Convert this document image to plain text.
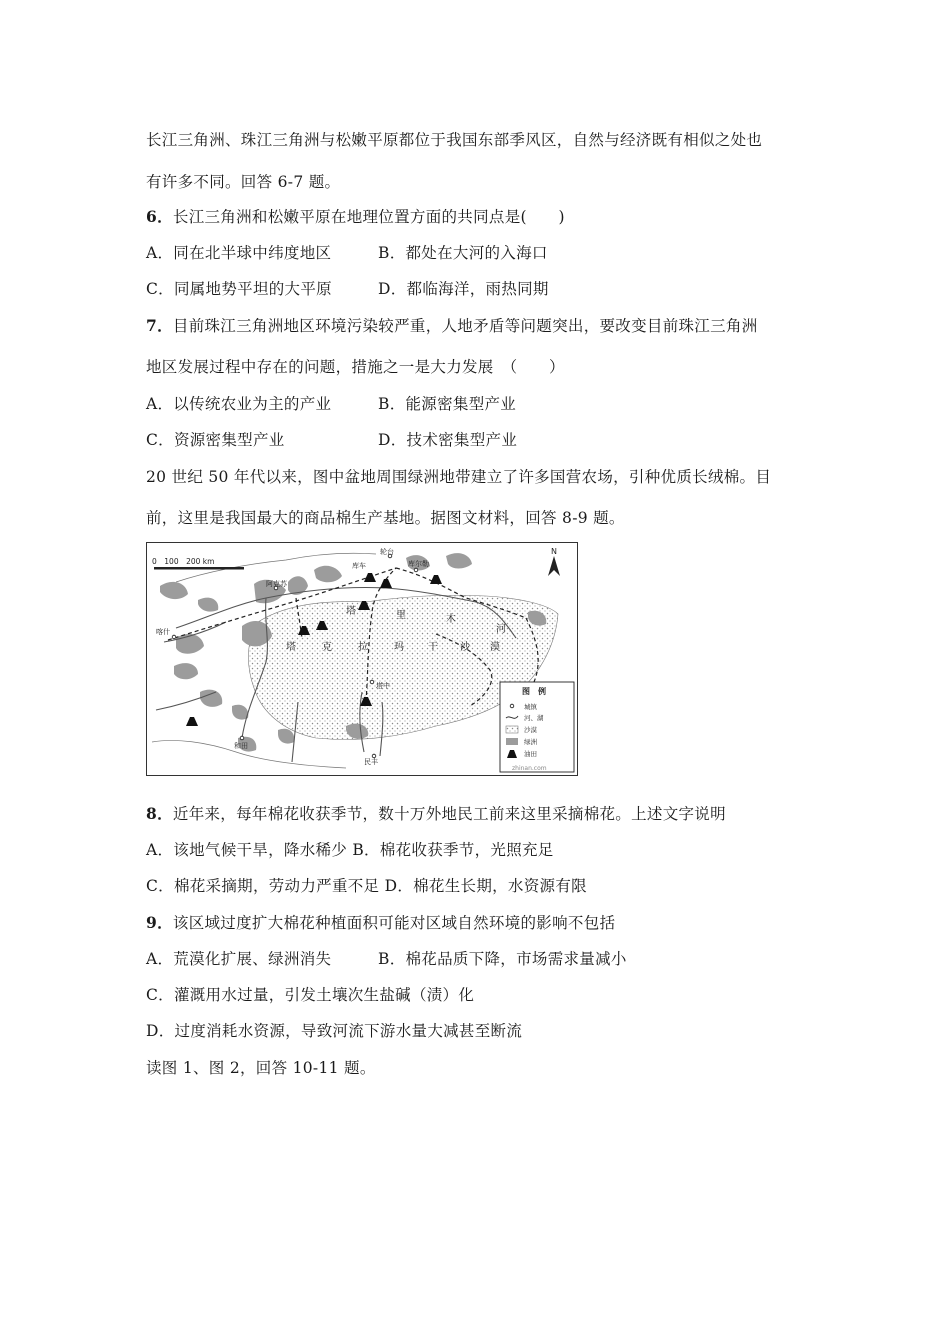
长江三角洲、珠江三角洲与松嫩平原都位于我国东部季风区，自然与经济既有相似之处也
有许多不同。回答 6-7 题。
6．长江三角洲和松嫩平原在地理位置方面的共同点是(　　)
A．同在北半球中纬度地区	B．都处在大河的入海口
C．同属地势平坦的大平原	D．都临海洋，雨热同期
7．目前珠江三角洲地区环境污染较严重，人地矛盾等问题突出，要改变目前珠江三角洲
地区发展过程中存在的问题，措施之一是大力发展　（　　）
A．以传统农业为主的产业	B．能源密集型产业
C．资源密集型产业	D．技术密集型产业
20 世纪 50 年代以来，图中盆地周围绿洲地带建立了许多国营农场，引种优质长绒棉。目
前，这里是我国最大的商品棉生产基地。据图文材料，回答 8-9 题。
0　100　200 km
N
喀什
阿克苏
和田
塔中
民丰
轮台
库尔勒
库车
塔	里	木
河
塔	克	拉	玛 干 沙 漠
图　例
城镇
河、湖
沙漠
绿洲
油田
zhinan.com
8．近年来，每年棉花收获季节，数十万外地民工前来这里采摘棉花。上述文字说明
A．该地气候干旱，降水稀少 B．棉花收获季节，光照充足
C．棉花采摘期，劳动力严重不足 D．棉花生长期，水资源有限
9．该区域过度扩大棉花种植面积可能对区域自然环境的影响不包括
A．荒漠化扩展、绿洲消失	B．棉花品质下降，市场需求量减小
C．灌溉用水过量，引发土壤次生盐碱（渍）化
D．过度消耗水资源，导致河流下游水量大减甚至断流
读图 1、图 2，回答 10-11 题。
